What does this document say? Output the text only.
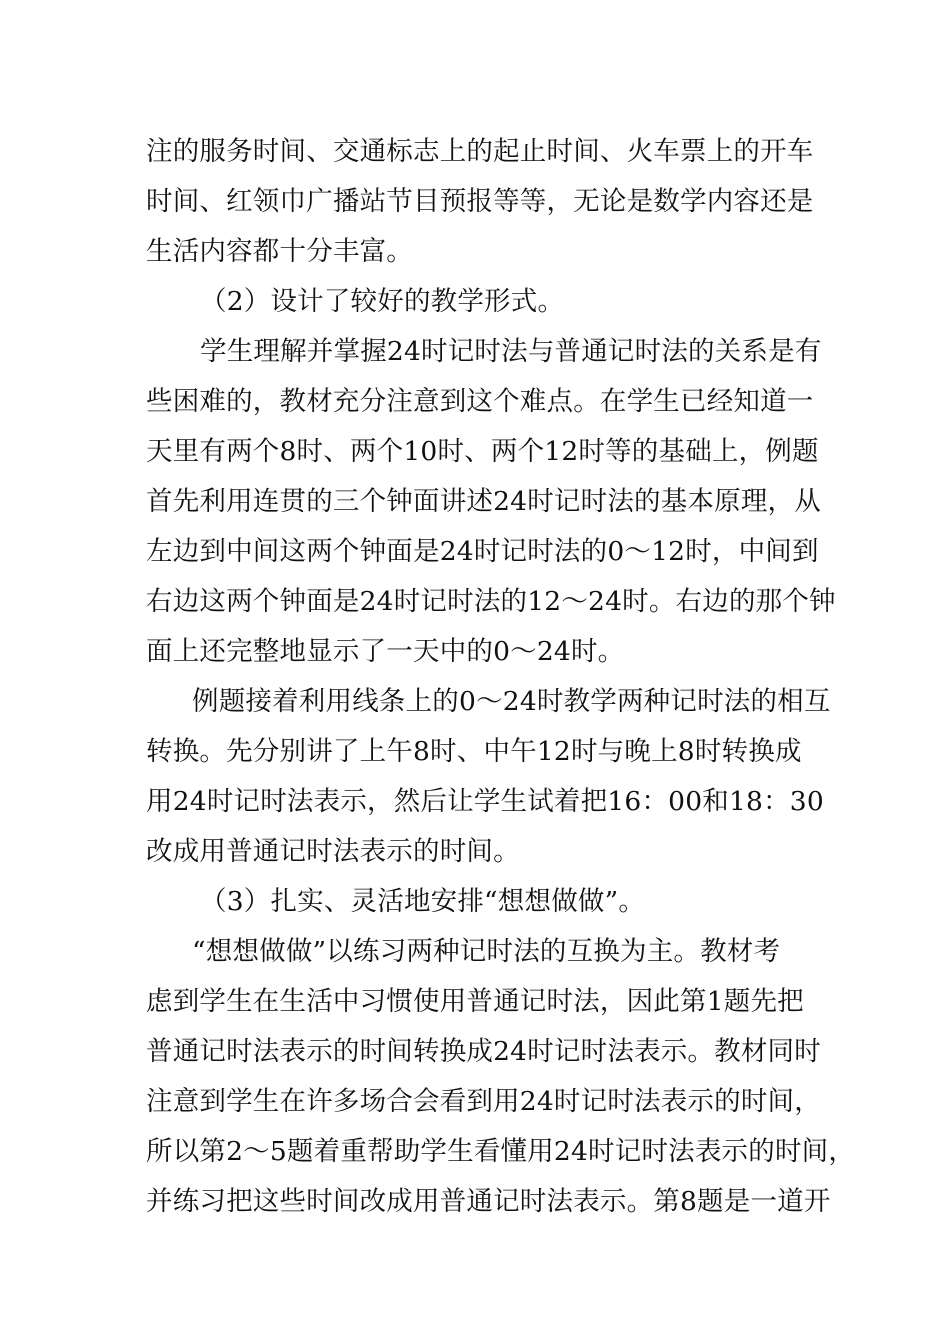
注的服务时间、交通标志上的起止时间、火车票上的开车
时间、红领巾广播站节目预报等等，无论是数学内容还是
生活内容都十分丰富。
（2）设计了较好的教学形式。
学生理解并掌握24时记时法与普通记时法的关系是有
些困难的，教材充分注意到这个难点。在学生已经知道一
天里有两个8时、两个10时、两个12时等的基础上，例题
首先利用连贯的三个钟面讲述24时记时法的基本原理，从
左边到中间这两个钟面是24时记时法的0～12时，中间到
右边这两个钟面是24时记时法的12～24时。右边的那个钟
面上还完整地显示了一天中的0～24时。
例题接着利用线条上的0～24时教学两种记时法的相互
转换。先分别讲了上午8时、中午12时与晚上8时转换成
用24时记时法表示，然后让学生试着把16：00和18：30
改成用普通记时法表示的时间。
（3）扎实、灵活地安排“想想做做”。
“想想做做”以练习两种记时法的互换为主。教材考
虑到学生在生活中习惯使用普通记时法，因此第1题先把
普通记时法表示的时间转换成24时记时法表示。教材同时
注意到学生在许多场合会看到用24时记时法表示的时间，
所以第2～5题着重帮助学生看懂用24时记时法表示的时间，
并练习把这些时间改成用普通记时法表示。第8题是一道开
